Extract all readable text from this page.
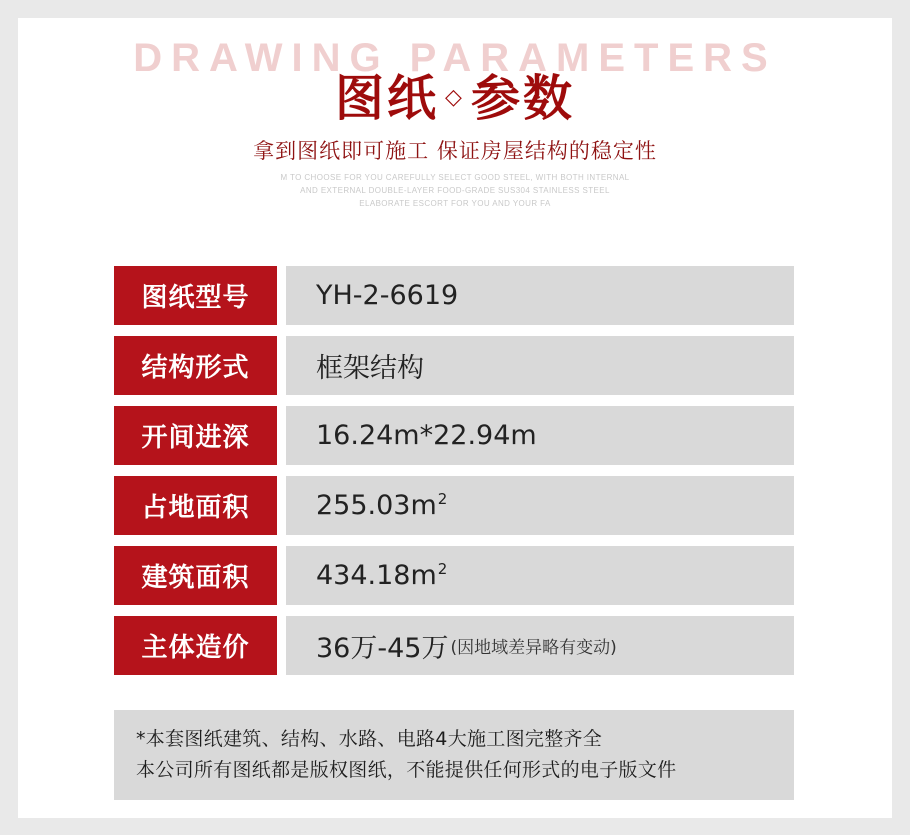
DRAWING PARAMETERS
图纸 ◇ 参数
拿到图纸即可施工 保证房屋结构的稳定性
M TO CHOOSE FOR YOU CAREFULLY SELECT GOOD STEEL, WITH BOTH INTERNAL
AND EXTERNAL DOUBLE-LAYER FOOD-GRADE SUS304 STAINLESS STEEL
ELABORATE ESCORT FOR YOU AND YOUR FA
图纸型号	YH-2-6619
结构形式	框架结构
开间进深	16.24m*22.94m
占地面积	255.03m 2
建筑面积	434.18m 2
主体造价	36万-45万 (因地域差异略有变动)
*本套图纸建筑、结构、水路、电路4大施工图完整齐全
本公司所有图纸都是版权图纸，不能提供任何形式的电子版文件
